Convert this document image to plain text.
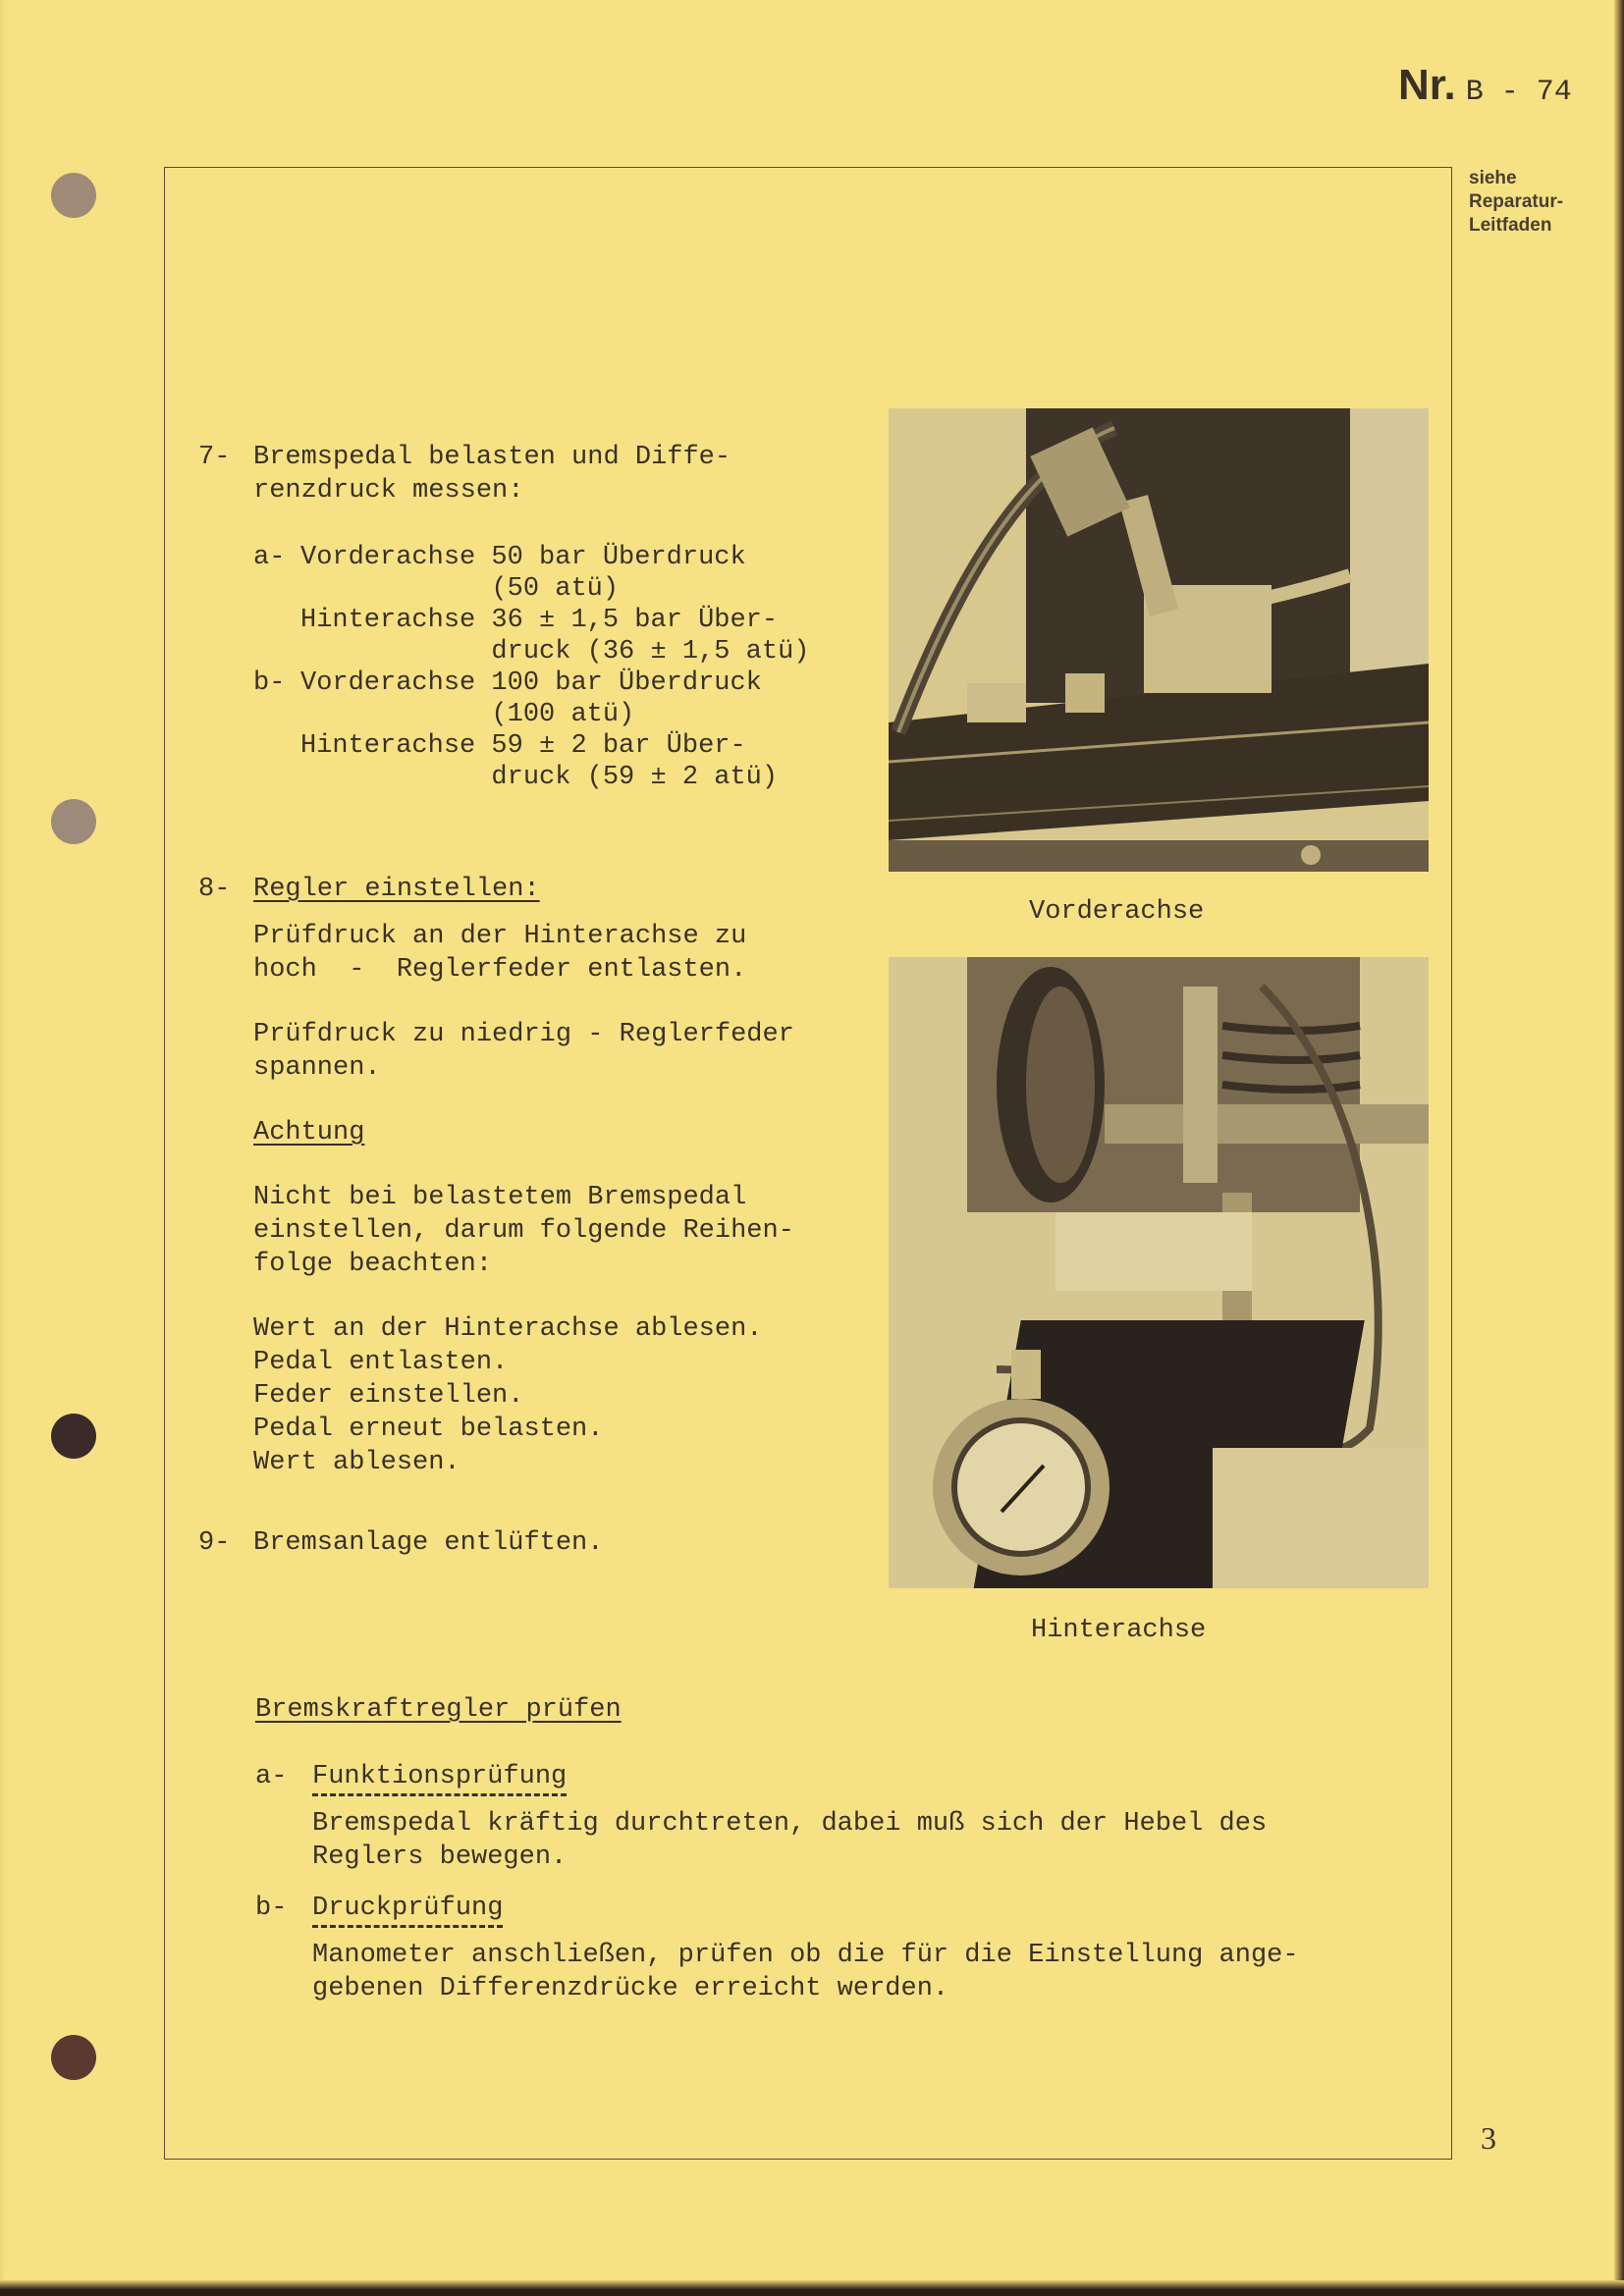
Nr. B - 74
siehe
Reparatur-
Leitfaden
7- Bremspedal belasten und Diffe-
renzdruck messen:
a- Vorderachse 50 bar Überdruck
(50 atü)
Hinterachse 36 ± 1,5 bar Über-
druck (36 ± 1,5 atü)
b- Vorderachse 100 bar Überdruck
(100 atü)
Hinterachse 59 ± 2 bar Über-
druck (59 ± 2 atü)
8- Regler einstellen:
Prüfdruck an der Hinterachse zu
hoch  -  Reglerfeder entlasten.
Prüfdruck zu niedrig - Reglerfeder
spannen.
Achtung
Nicht bei belastetem Bremspedal
einstellen, darum folgende Reihen-
folge beachten:
Wert an der Hinterachse ablesen.
Pedal entlasten.
Feder einstellen.
Pedal erneut belasten.
Wert ablesen.
9- Bremsanlage entlüften.
Vorderachse
Hinterachse
Bremskraftregler prüfen
a- Funktionsprüfung
Bremspedal kräftig durchtreten, dabei muß sich der Hebel des
Reglers bewegen.
b- Druckprüfung
Manometer anschließen, prüfen ob die für die Einstellung ange-
gebenen Differenzdrücke erreicht werden.
3
